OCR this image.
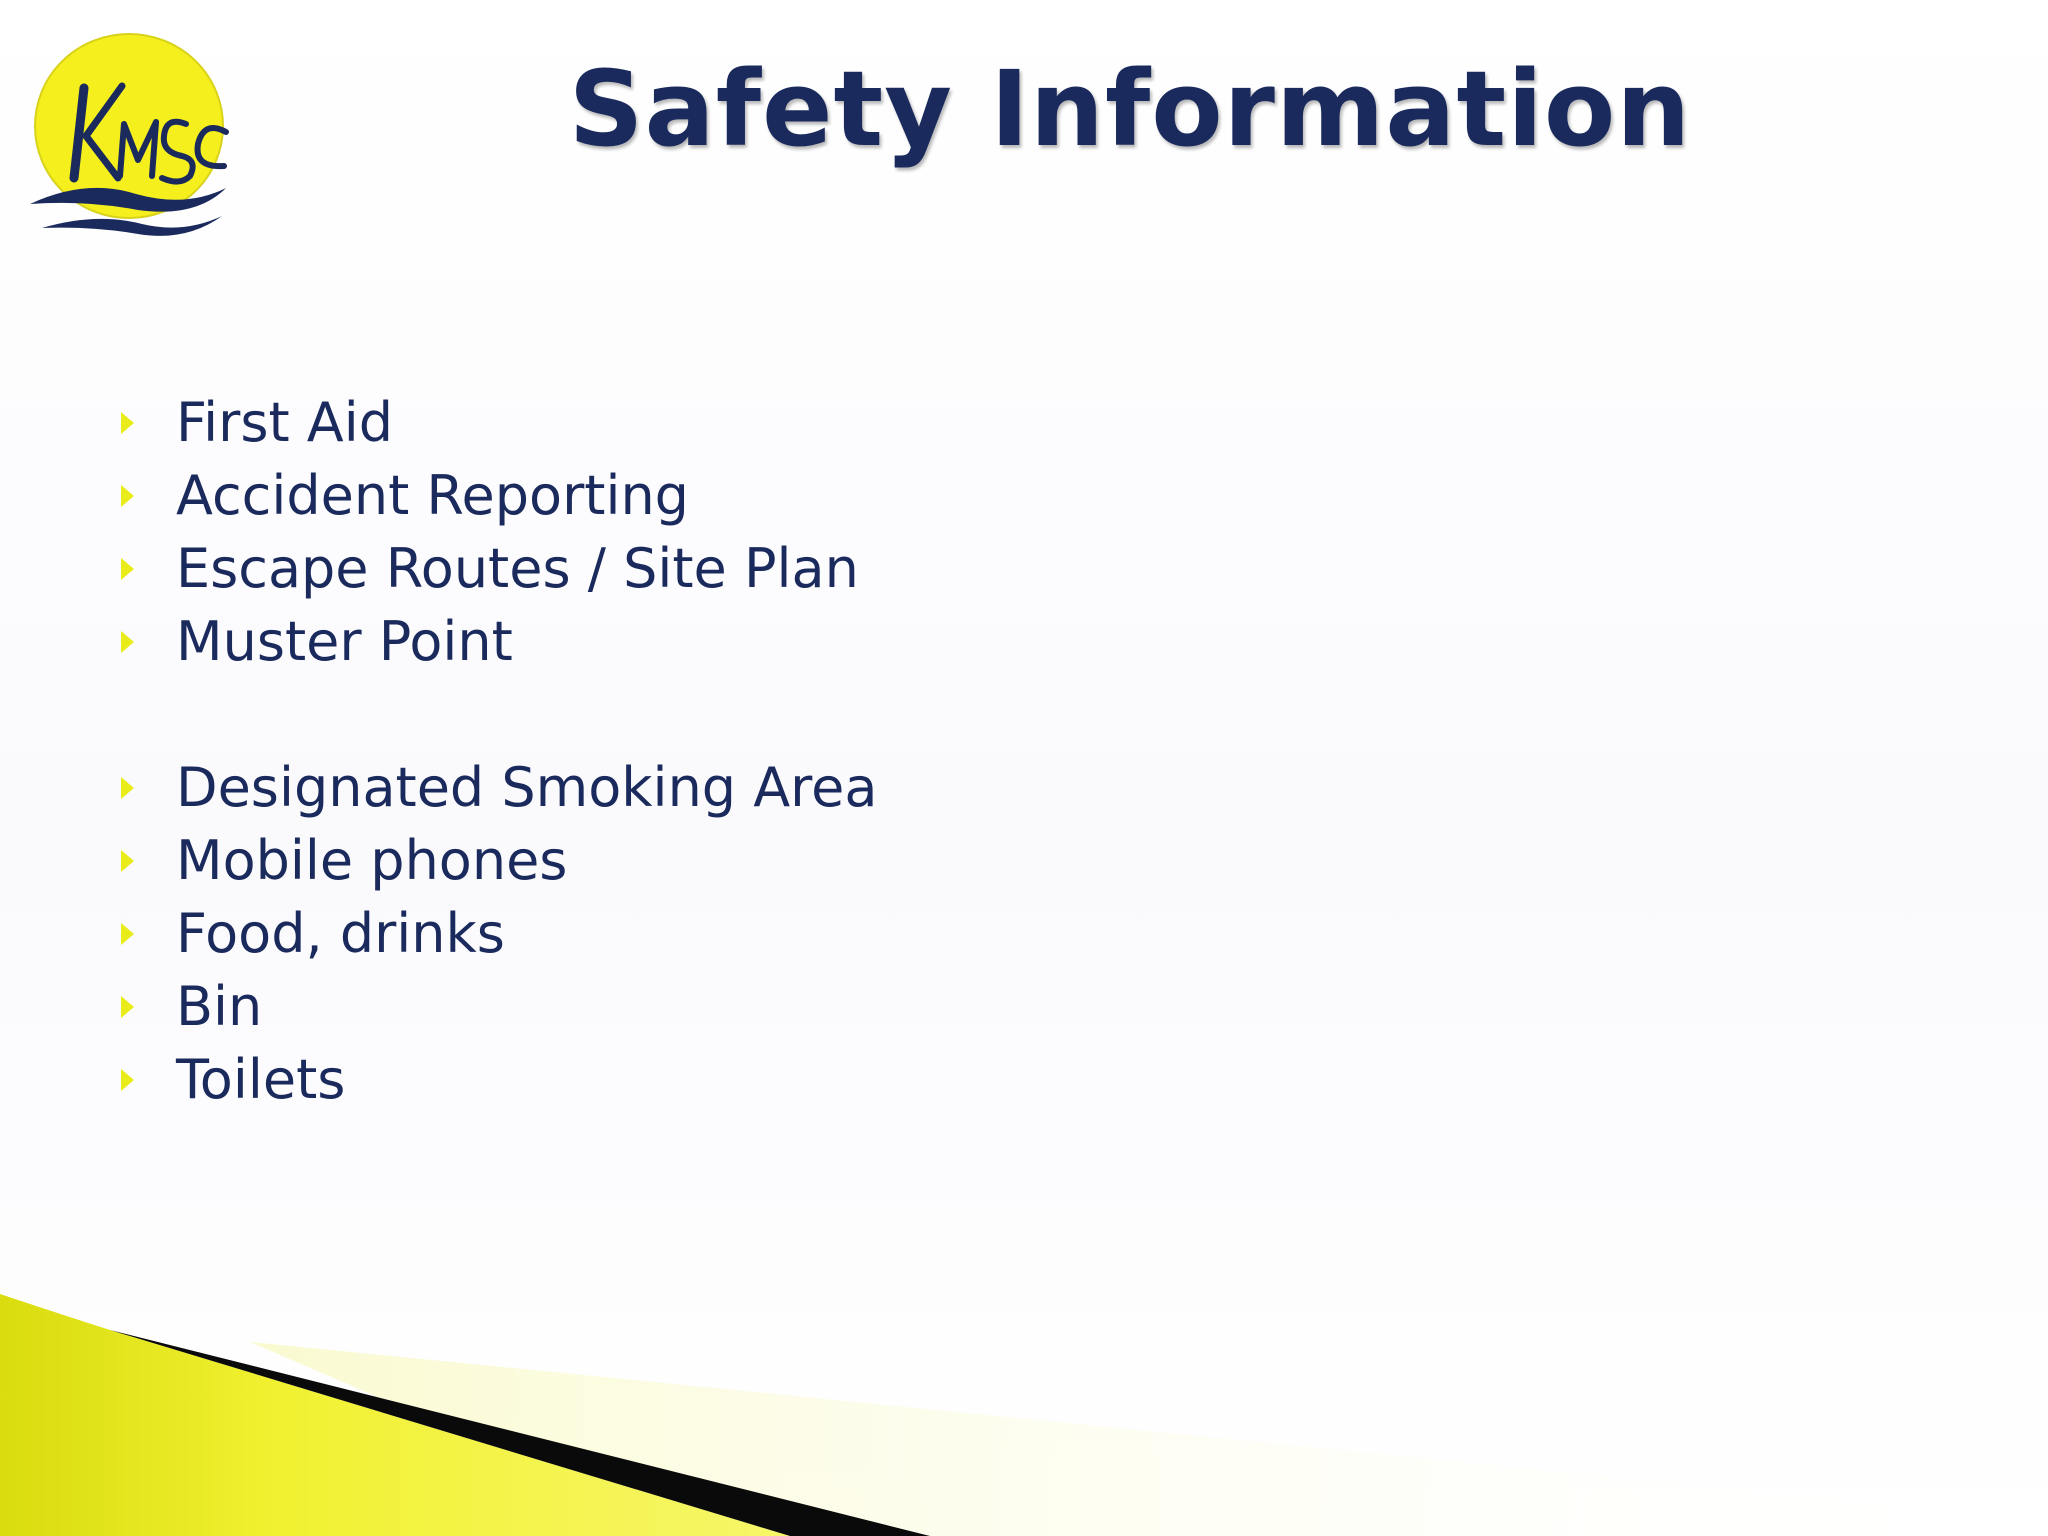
Safety Information
First Aid
Accident Reporting
Escape Routes / Site Plan
Muster Point
Designated Smoking Area
Mobile phones
Food, drinks
Bin
Toilets
